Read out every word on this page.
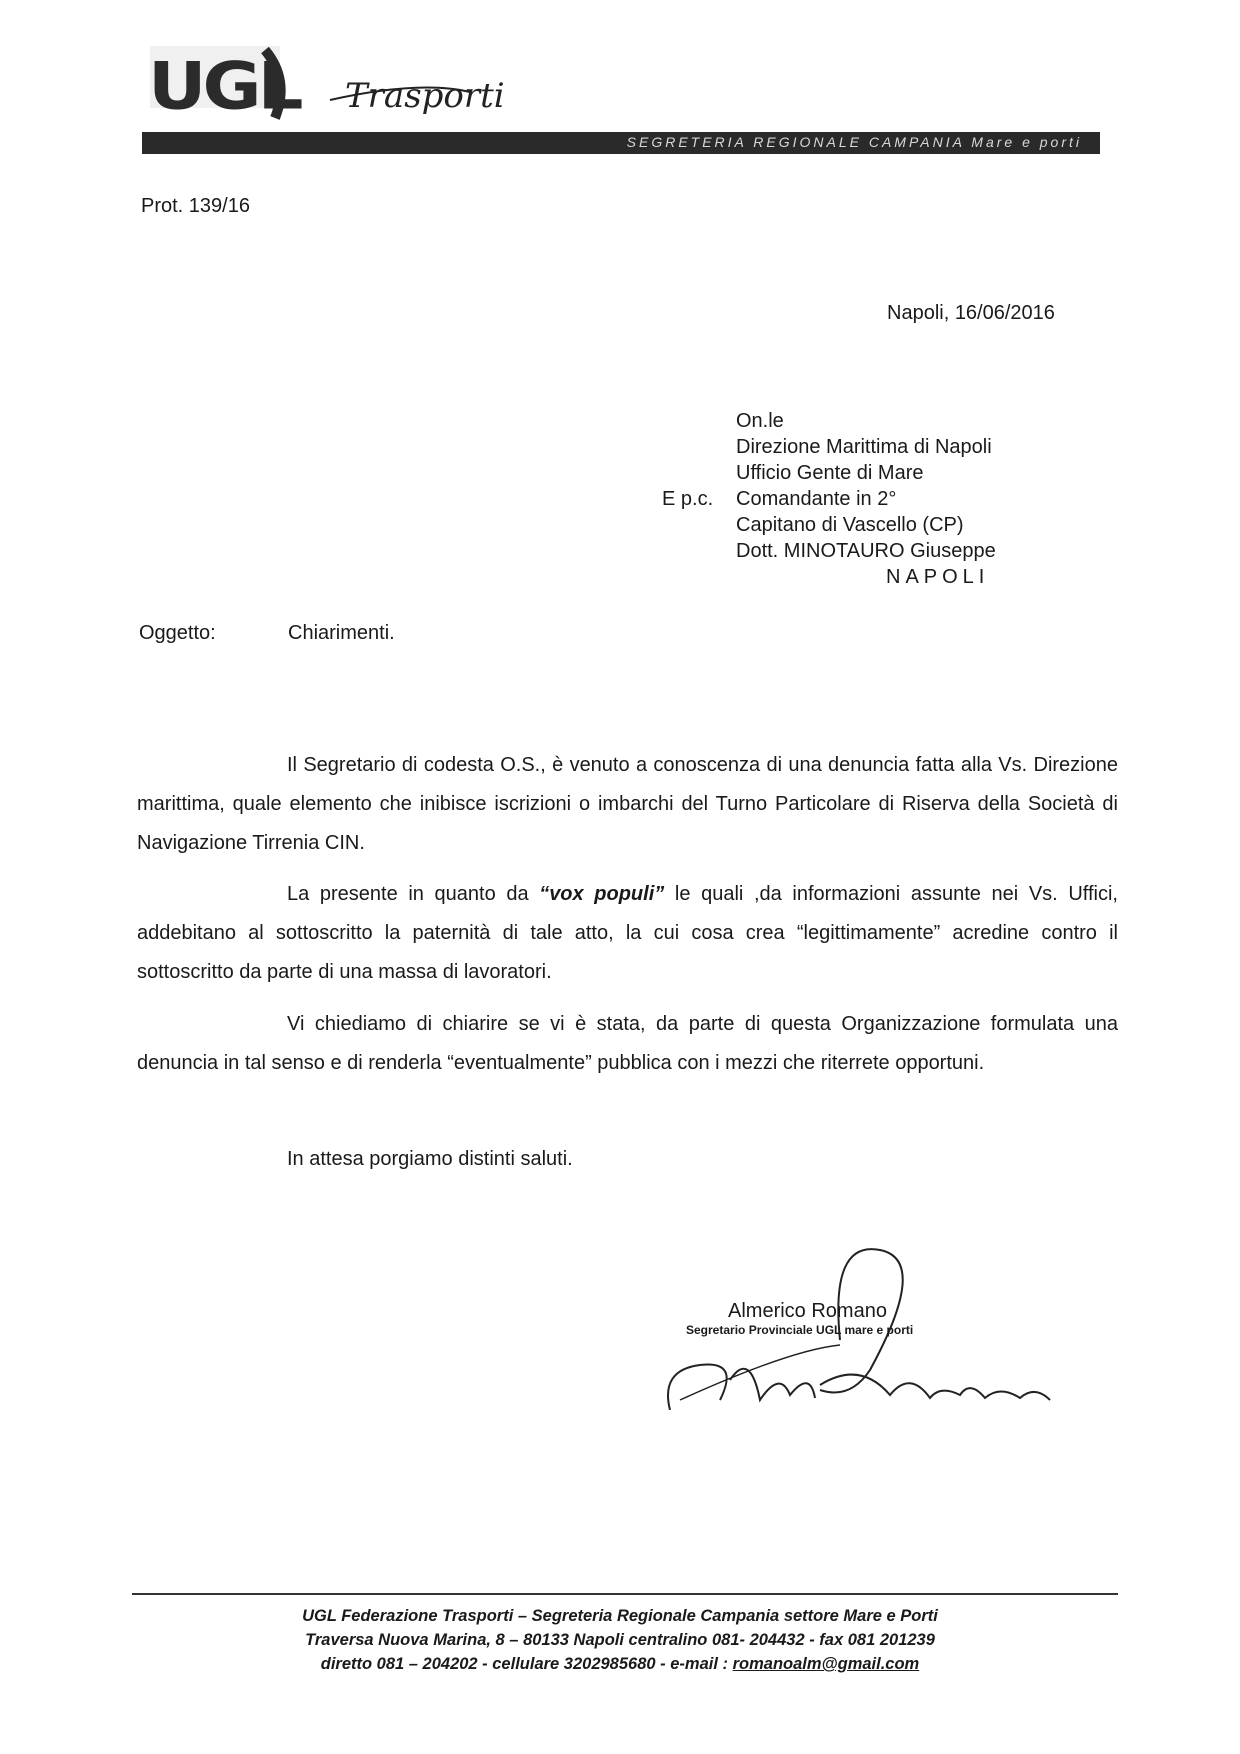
UGL Trasporti
SEGRETERIA REGIONALE CAMPANIA Mare e porti
Prot. 139/16
Napoli, 16/06/2016
On.le
Direzione Marittima di Napoli
Ufficio Gente di Mare
Comandante in 2°
Capitano di Vascello (CP)
Dott. MINOTAURO Giuseppe
E p.c.
NAPOLI
Oggetto:	Chiarimenti.
Il Segretario di codesta O.S., è venuto a conoscenza di una denuncia fatta alla Vs. Direzione marittima, quale elemento che inibisce iscrizioni o imbarchi del Turno Particolare di Riserva della Società di Navigazione Tirrenia CIN.
La presente in quanto da “vox populi” le quali ,da informazioni assunte nei Vs. Uffici, addebitano al sottoscritto la paternità di tale atto, la cui cosa crea “legittimamente” acredine contro il sottoscritto da parte di una massa di lavoratori.
Vi chiediamo di chiarire se vi è stata, da parte di questa Organizzazione formulata una denuncia in tal senso e di renderla “eventualmente” pubblica con i mezzi che riterrete opportuni.
In attesa porgiamo distinti saluti.
Almerico Romano
Segretario Provinciale UGL mare e porti
UGL Federazione Trasporti – Segreteria Regionale Campania settore Mare e Porti
Traversa Nuova Marina, 8 – 80133 Napoli centralino 081- 204432 - fax 081 201239
diretto 081 – 204202 - cellulare 3202985680 - e-mail : romanoalm@gmail.com
